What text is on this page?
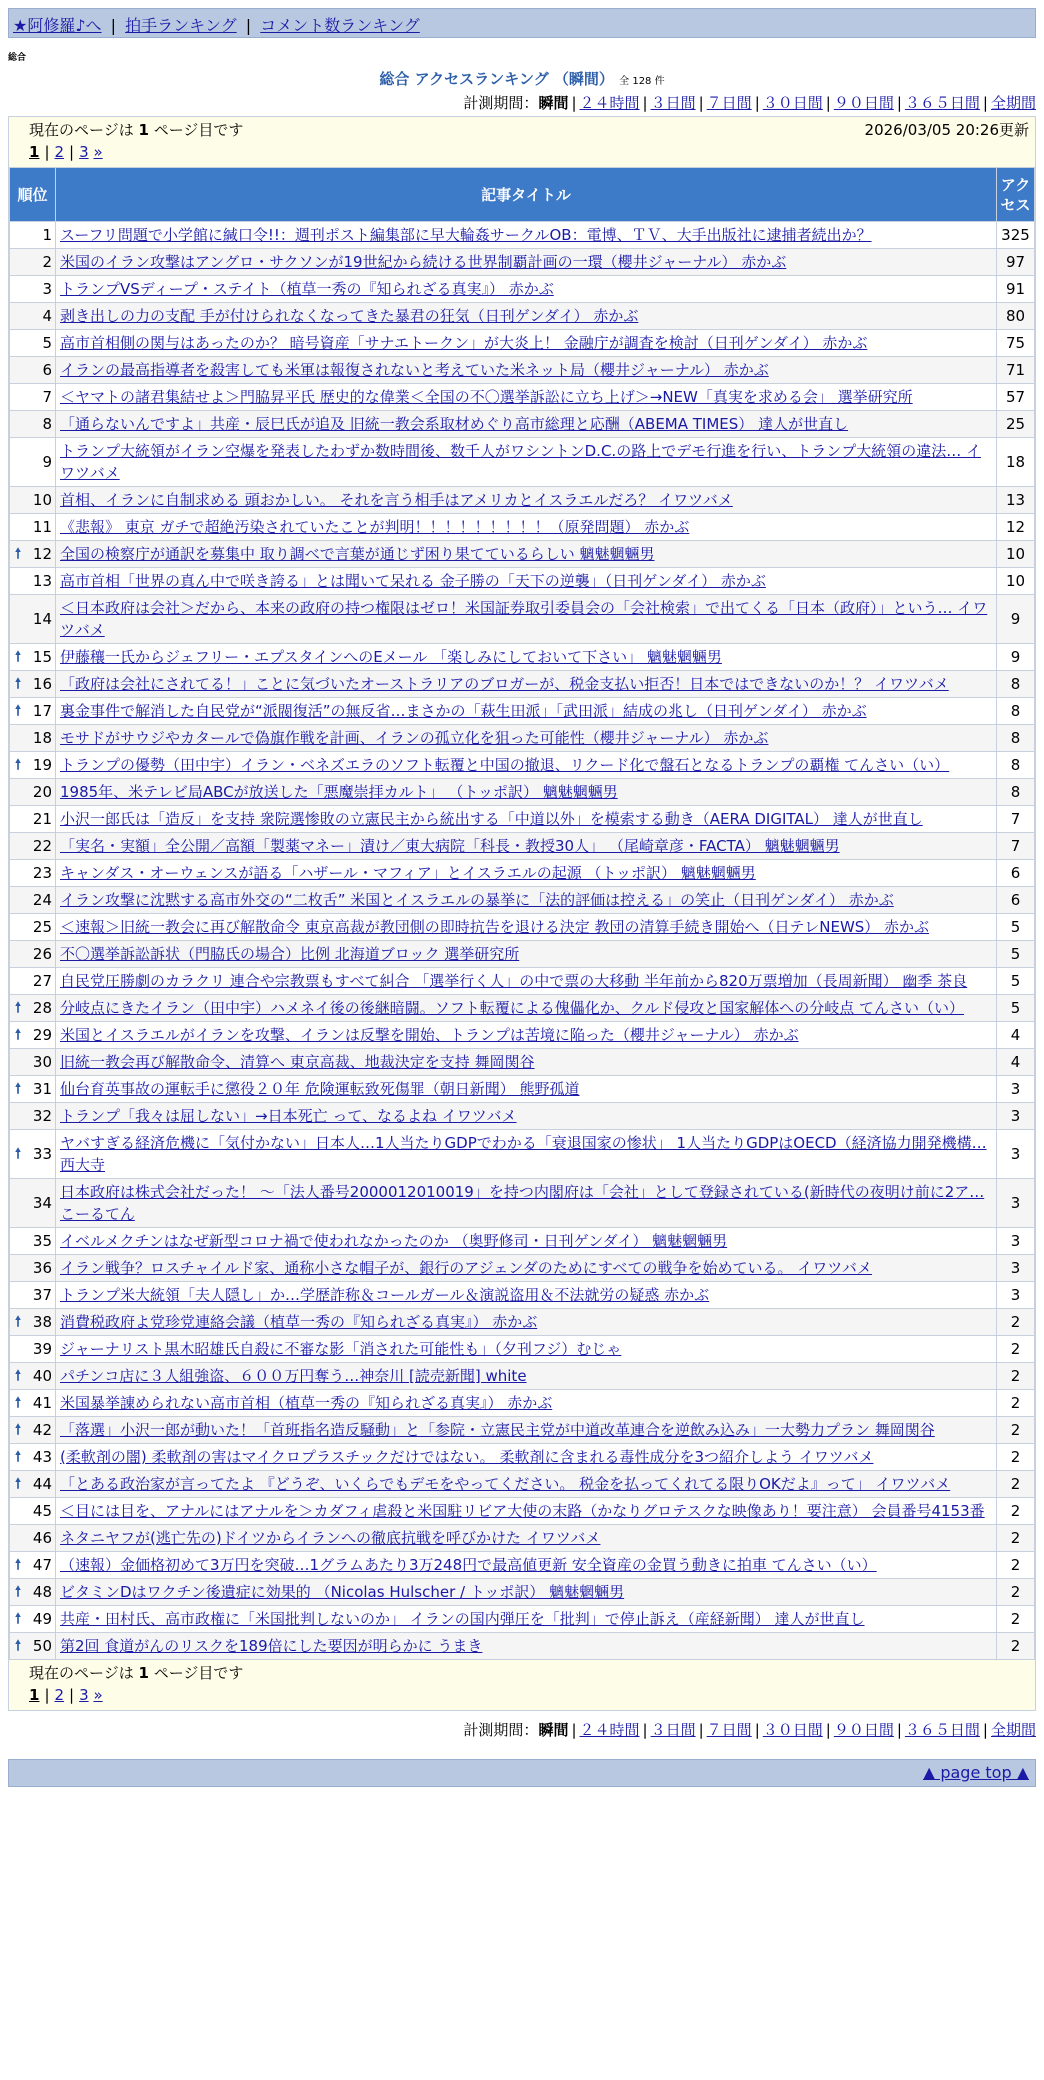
★阿修羅♪へ | 拍手ランキング | コメント数ランキング
総合
総合 アクセスランキング （瞬間） 全 128 件
計測期間：瞬間 | ２４時間 | ３日間 | ７日間 | ３０日間 | ９０日間 | ３６５日間 | 全期間
現在のページは 1 ページ目です	2026/03/05 20:26更新
1 | 2 | 3 »
順位	記事タイトル	アクセス
1	スーフリ問題で小学館に緘口令!!：週刊ポスト編集部に早大輪姦サークルOB：電博、ＴＶ、大手出版社に逮捕者続出か？	325
2	米国のイラン攻撃はアングロ・サクソンが19世紀から続ける世界制覇計画の一環（櫻井ジャーナル） 赤かぶ	97
3	トランプVSディープ・ステイト（植草一秀の『知られざる真実』） 赤かぶ	91
4	剥き出しの力の支配 手が付けられなくなってきた暴君の狂気（日刊ゲンダイ） 赤かぶ	80
5	高市首相側の関与はあったのか？ 暗号資産「サナエトークン」が大炎上！ 金融庁が調査を検討（日刊ゲンダイ） 赤かぶ	75
6	イランの最高指導者を殺害しても米軍は報復されないと考えていた米ネット局（櫻井ジャーナル） 赤かぶ	71
7	＜ヤマトの諸君集結せよ＞門脇昇平氏 歴史的な偉業＜全国の不〇選挙訴訟に立ち上げ＞→NEW「真実を求める会」 選挙研究所	57
8	「通らないんですよ」共産・辰巳氏が追及 旧統一教会系取材めぐり高市総理と応酬（ABEMA TIMES） 達人が世直し	25
9	トランプ大統領がイラン空爆を発表したわずか数時間後、数千人がワシントンD.C.の路上でデモ行進を行い、トランプ大統領の違法… イワツバメ	18
10	首相、イランに自制求める 頭おかしい。 それを言う相手はアメリカとイスラエルだろ？ イワツバメ	13
11	《悲報》 東京 ガチで超絶汚染されていたことが判明！！！！！！！！！（原発問題） 赤かぶ	12

🠕 12	全国の検察庁が通訳を募集中 取り調べで言葉が通じず困り果てているらしい 魑魅魍魎男	10
13	高市首相「世界の真ん中で咲き誇る」とは聞いて呆れる 金子勝の「天下の逆襲」（日刊ゲンダイ） 赤かぶ	10
14	＜日本政府は会社＞だから、本来の政府の持つ権限はゼロ！米国証券取引委員会の「会社検索」で出てくる「日本（政府）」という… イワツバメ	9

🠕 15	伊藤穰一氏からジェフリー・エプスタインへのEメール 「楽しみにしておいて下さい」 魑魅魍魎男	9

🠕 16	「政府は会社にされてる！」ことに気づいたオーストラリアのブロガーが、税金支払い拒否！日本ではできないのか！？ イワツバメ	8

🠕 17	裏金事件で解消した自民党が“派閥復活”の無反省…まさかの「萩生田派」「武田派」結成の兆し（日刊ゲンダイ） 赤かぶ	8
18	モサドがサウジやカタールで偽旗作戦を計画、イランの孤立化を狙った可能性（櫻井ジャーナル） 赤かぶ	8

🠕 19	トランプの優勢（田中宇）イラン・ベネズエラのソフト転覆と中国の撤退、リクード化で盤石となるトランプの覇権 てんさい（い）	8
20	1985年、米テレビ局ABCが放送した「悪魔崇拝カルト」 （トッポ訳） 魑魅魍魎男	8
21	小沢一郎氏は「造反」を支持 衆院選惨敗の立憲民主から統出する「中道以外」を模索する動き（AERA DIGITAL） 達人が世直し	7
22	「実名・実額」全公開／高額「製薬マネー」漬け／東大病院「科長・教授30人」 （尾崎章彦・FACTA） 魑魅魍魎男	7
23	キャンダス・オーウェンスが語る「ハザール・マフィア」とイスラエルの起源 （トッポ訳） 魑魅魍魎男	6
24	イラン攻撃に沈黙する高市外交の“二枚舌” 米国とイスラエルの暴挙に「法的評価は控える」の笑止（日刊ゲンダイ） 赤かぶ	6
25	＜速報＞旧統一教会に再び解散命令 東京高裁が教団側の即時抗告を退ける決定 教団の清算手続き開始へ（日テレNEWS） 赤かぶ	5
26	不〇選挙訴訟訴状（門脇氏の場合）比例 北海道ブロック 選挙研究所	5
27	自民党圧勝劇のカラクリ 連合や宗教票もすべて糾合 「選挙行く人」の中で票の大移動 半年前から820万票増加（長周新聞） 幽季 茶良	5

🠕 28	分岐点にきたイラン（田中宇）ハメネイ後の後継暗闘。ソフト転覆による傀儡化か、クルド侵攻と国家解体への分岐点 てんさい（い）	5

🠕 29	米国とイスラエルがイランを攻撃、イランは反撃を開始、トランプは苦境に陥った（櫻井ジャーナル） 赤かぶ	4
30	旧統一教会再び解散命令、清算へ 東京高裁、地裁決定を支持 舞岡関谷	4

🠕 31	仙台育英事故の運転手に懲役２０年 危険運転致死傷罪（朝日新聞） 熊野孤道	3
32	トランプ「我々は屈しない」→日本死亡 って、なるよね イワツバメ	3

🠕 33	ヤバすぎる経済危機に「気付かない」日本人…1人当たりGDPでわかる「衰退国家の惨状」 1人当たりGDPはOECD（経済協力開発機構… 西大寺	3
34	日本政府は株式会社だった！ ～「法人番号2000012010019」を持つ内閣府は「会社」として登録されている(新時代の夜明け前に2ア… こーるてん	3
35	イベルメクチンはなぜ新型コロナ禍で使われなかったのか （奥野修司・日刊ゲンダイ） 魑魅魍魎男	3
36	イラン戦争？ロスチャイルド家、通称小さな帽子が、銀行のアジェンダのためにすべての戦争を始めている。 イワツバメ	3
37	トランプ米大統領「夫人隠し」か…学歴詐称＆コールガール＆演説盗用＆不法就労の疑惑 赤かぶ	3

🠕 38	消費税政府よ党珍党連絡会議（植草一秀の『知られざる真実』） 赤かぶ	2
39	ジャーナリスト黒木昭雄氏自殺に不審な影「消された可能性も」（夕刊フジ）むじゃ	2

🠕 40	パチンコ店に３人組強盗、６００万円奪う…神奈川 [読売新聞] white	2

🠕 41	米国暴挙諌められない高市首相（植草一秀の『知られざる真実』） 赤かぶ	2

🠕 42	「落選」小沢一郎が動いた！「首班指名造反騒動」と「参院・立憲民主党が中道改革連合を逆飲み込み」一大勢力プラン 舞岡関谷	2

🠕 43	(柔軟剤の闇) 柔軟剤の害はマイクロプラスチックだけではない。 柔軟剤に含まれる毒性成分を3つ紹介しよう イワツバメ	2

🠕 44	「とある政治家が言ってたよ 『どうぞ、いくらでもデモをやってください。 税金を払ってくれてる限りOKだよ』って」 イワツバメ	2
45	＜目には目を、アナルにはアナルを＞カダフィ虐殺と米国駐リビア大使の末路（かなりグロテスクな映像あり！要注意） 会員番号4153番	2
46	ネタニヤフが(逃亡先の)ドイツからイランへの徹底抗戦を呼びかけた イワツバメ	2

🠕 47	（速報）金価格初めて3万円を突破…1グラムあたり3万248円で最高値更新 安全資産の金買う動きに拍車 てんさい（い）	2

🠕 48	ビタミンDはワクチン後遺症に効果的 （Nicolas Hulscher / トッポ訳） 魑魅魍魎男	2

🠕 49	共産・田村氏、高市政権に「米国批判しないのか」 イランの国内弾圧を「批判」で停止訴え（産経新聞） 達人が世直し	2

🠕 50	第2回 食道がんのリスクを189倍にした要因が明らかに うまき	2
現在のページは 1 ページ目です
1 | 2 | 3 »
計測期間：瞬間 | ２４時間 | ３日間 | ７日間 | ３０日間 | ９０日間 | ３６５日間 | 全期間
▲ page top ▲
